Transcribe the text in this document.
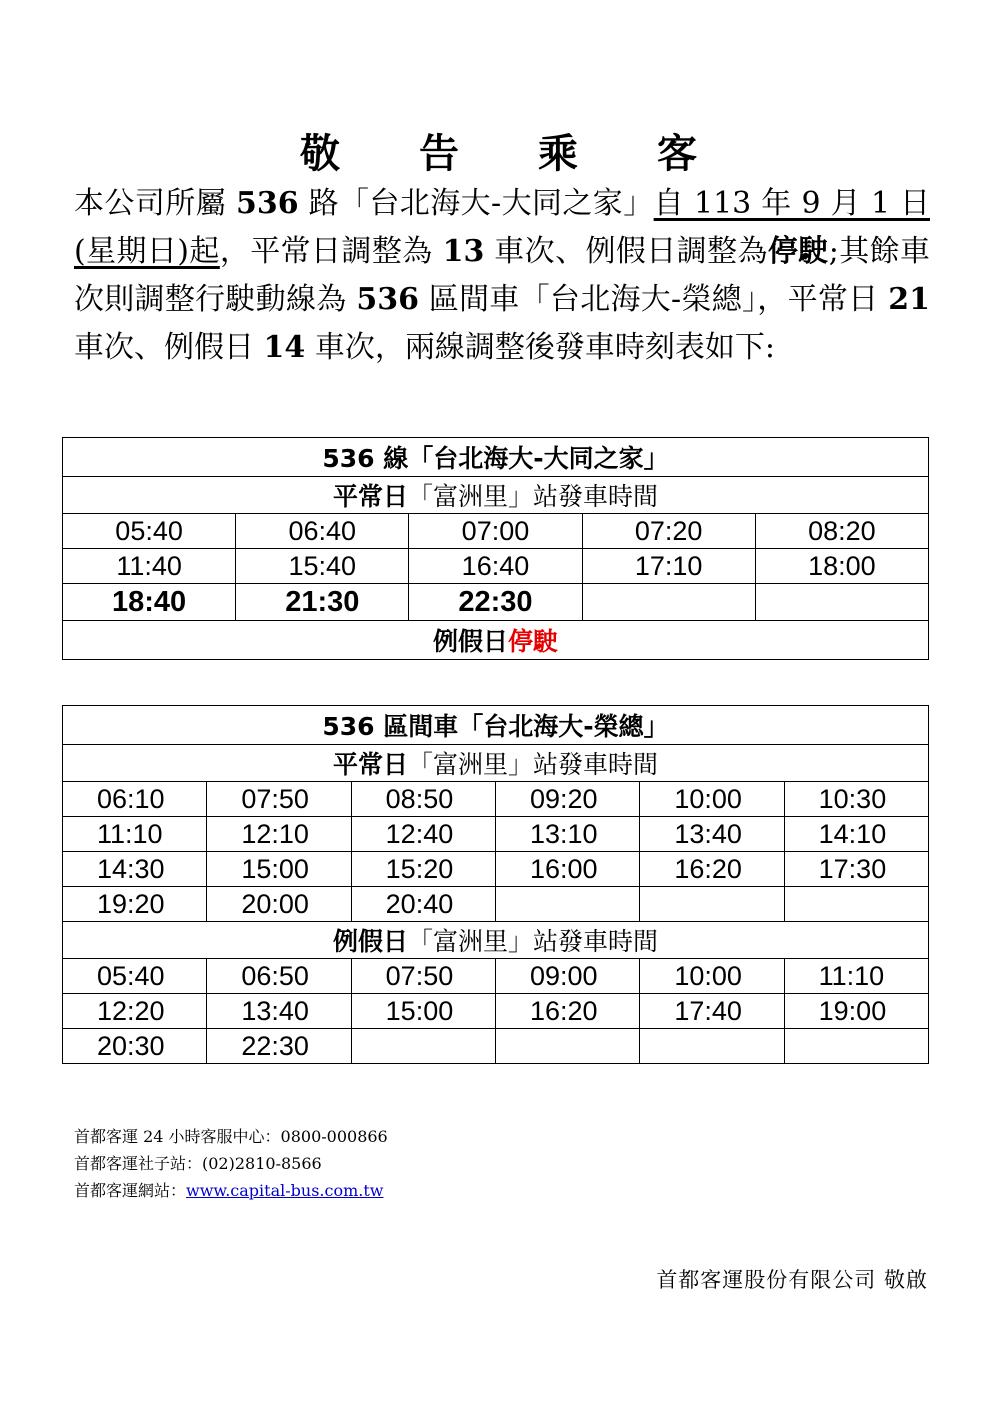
敬 告 乘 客
本公司所屬 536 路「台北海大-大同之家」自 113 年 9 月 1 日(星期日)起，平常日調整為 13 車次、例假日調整為停駛;其餘車次則調整行駛動線為 536 區間車「台北海大-榮總」，平常日 21 車次、例假日 14 車次，兩線調整後發車時刻表如下:
536 線「台北海大-大同之家」				
平常日「富洲里」站發車時間				
05:40	06:40	07:00	07:20	08:20
11:40	15:40	16:40	17:10	18:00
18:40	21:30	22:30		
例假日停駛				
536 區間車「台北海大-榮總」					
平常日「富洲里」站發車時間					
06:10	07:50	08:50	09:20	10:00	10:30
11:10	12:10	12:40	13:10	13:40	14:10
14:30	15:00	15:20	16:00	16:20	17:30
19:20	20:00	20:40			
例假日「富洲里」站發車時間					
05:40	06:50	07:50	09:00	10:00	11:10
12:20	13:40	15:00	16:20	17:40	19:00
20:30	22:30				
首都客運 24 小時客服中心：0800-000866
首都客運社子站：(02)2810-8566
首都客運網站：www.capital-bus.com.tw
首都客運股份有限公司 敬啟
